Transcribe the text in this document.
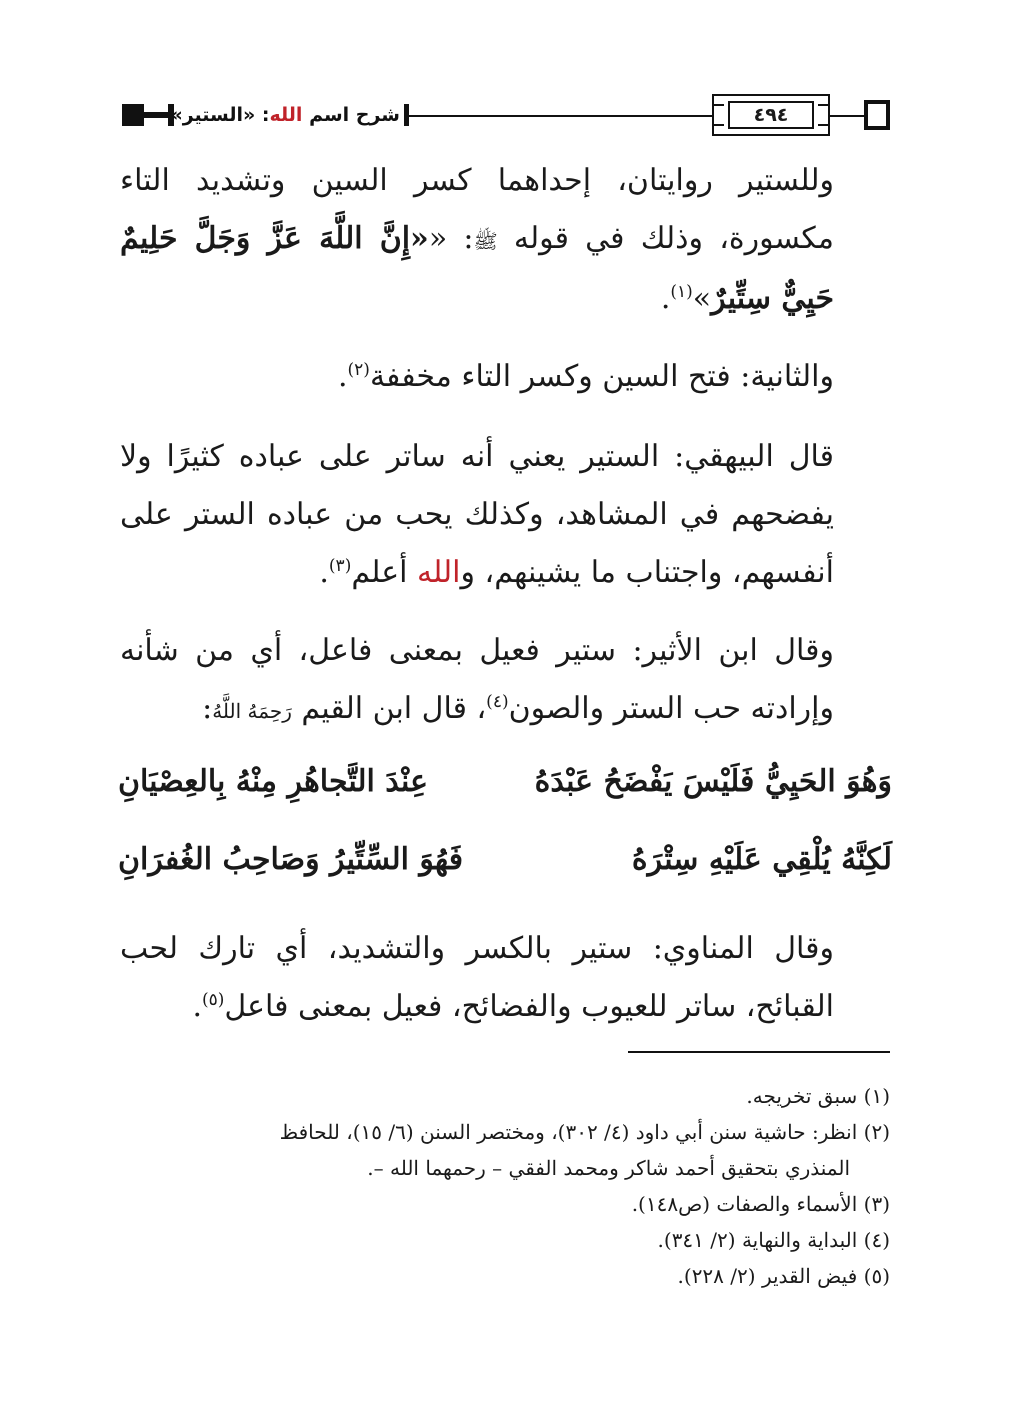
شرح اسم الله: «الستير»	٤٩٤

وللستير روايتان، إحداهما كسر السين وتشديد التاء مكسورة، وذلك في قوله ﷺ: ««إِنَّ اللَّهَ عَزَّ وَجَلَّ حَلِيمٌ حَيِيٌّ سِتِّيرٌ»$^{(١)}$.

والثانية: فتح السين وكسر التاء مخففة$^{(٢)}$.

قال البيهقي: الستير يعني أنه ساتر على عباده كثيرًا ولا يفضحهم في المشاهد، وكذلك يحب من عباده الستر على أنفسهم، واجتناب ما يشينهم، والله أعلم$^{(٣)}$.

وقال ابن الأثير: ستير فعيل بمعنى فاعل، أي من شأنه وإرادته حب الستر والصون$^{(٤)}$، قال ابن القيم رَحِمَهُ اللَّهُ:

وَهُوَ الحَيِيُّ فَلَيْسَ يَفْضَحُ عَبْدَهُ
عِنْدَ التَّجاهُرِ مِنْهُ بِالعِصْيَانِ
لَكِنَّهُ يُلْقِي عَلَيْهِ سِتْرَهُ
فَهُوَ السِّتِّيرُ وَصَاحِبُ الغُفرَانِ

وقال المناوي: ستير بالكسر والتشديد، أي تارك لحب القبائح، ساتر للعيوب والفضائح، فعيل بمعنى فاعل$^{(٥)}$.

(١) سبق تخريجه.

(٢) انظر: حاشية سنن أبي داود (٤/ ٣٠٢)، ومختصر السنن (٦/ ١٥)، للحافظ

المنذري بتحقيق أحمد شاكر ومحمد الفقي – رحمهما الله –.

(٣) الأسماء والصفات (ص١٤٨).

(٤) البداية والنهاية (٢/ ٣٤١).

(٥) فيض القدير (٢/ ٢٢٨).
